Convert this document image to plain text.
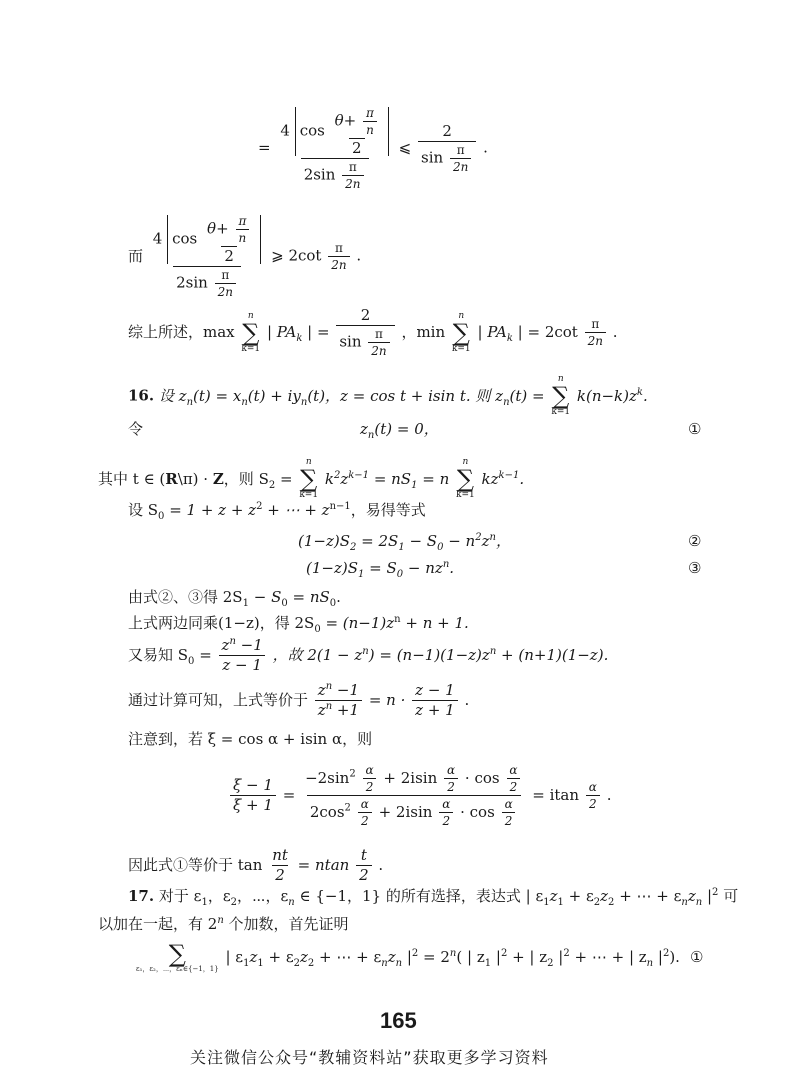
=
4 $\cos \frac{\theta+ \frac{\pi}{n}}{2}$
$2\sin \frac{\pi}{2n}$
⩽ $\frac{2}{\sin \frac{\pi}{2n}}$ .
而
4 $\cos \frac{\theta+ \frac{\pi}{n}}{2}$
$2\sin \frac{\pi}{2n}$
⩾ $2\cot \frac{\pi}{2n}$ .
综上所述，max
n
∑
k=1
| $PA_k$ | = $\frac{2}{\sin \frac{\pi}{2n}}$ ，min
n
∑
k=1
| $PA_k$ | = $2\cot \frac{\pi}{2n}$ .
16. 设 $z_n(t) = x_n(t) + iy_n(t)$，z = cos t + isin t. 则 $z_n(t)$ =
n
∑
k=1
$k(n-k)z^k$.
令	$z_n(t) = 0$，	①
其中 t ∈ (R\π) · Z，则 $S_2$ =
n
∑
k=1
$k^2z^{k-1} = nS_1 = n$
n
∑
k=1
$kz^{k-1}$.
设 $S_0 = 1 + z + z^2$ + ⋯ + $z^{n-1}$，易得等式
$(1-z)S_2 = 2S_1 - S_0 - n^2z^n$，	②
$(1-z)S_1 = S_0 - nz^n$.	③
由式②、③得 $2S_1 - S_0 = nS_0$.
上式两边同乘(1−z)，得 $2S_0 = (n-1)z^n + n + 1$.
又易知 $S_0 = \frac{z^n -1}{z - 1}$ ，故 $2(1 - z^n) = (n-1)(1-z)z^n + (n+1)(1-z)$.
通过计算可知，上式等价于 $\frac{z^n -1}{z^n +1} = n \cdot \frac{z - 1}{z + 1}$ .
注意到，若 ξ = cos α + isin α，则
$\frac{\xi - 1}{\xi + 1} = \frac{-2\sin^2 \frac{\alpha}{2} + 2isin \frac{\alpha}{2} \cdot \cos \frac{\alpha}{2}}{2\cos^2 \frac{\alpha}{2} + 2isin \frac{\alpha}{2} \cdot \cos \frac{\alpha}{2}} = itan \frac{\alpha}{2}$ .
因此式①等价于 $\tan \frac{nt}{2} = ntan \frac{t}{2}$ .
17. 对于 $\varepsilon_1$，$\varepsilon_2$，⋯，$\varepsilon_n$ ∈ {−1，1} 的所有选择，表达式 | $\varepsilon_1z_1 + \varepsilon_2z_2$ + ⋯ + $\varepsilon_nz_n$ $|^2$ 可
以加在一起，有 2$^n$ 个加数，首先证明
∑
ε₁，ε₂，⋯，εₙ∈{−1，1}
| $\varepsilon_1z_1 + \varepsilon_2z_2$ + ⋯ + $\varepsilon_nz_n$ $|^2 = 2^n$( | $z_1$ $|^2$ + | $z_2$ $|^2$ + ⋯ + | $z_n$ $|^2$). ①
165
关注微信公众号“教辅资料站”获取更多学习资料
